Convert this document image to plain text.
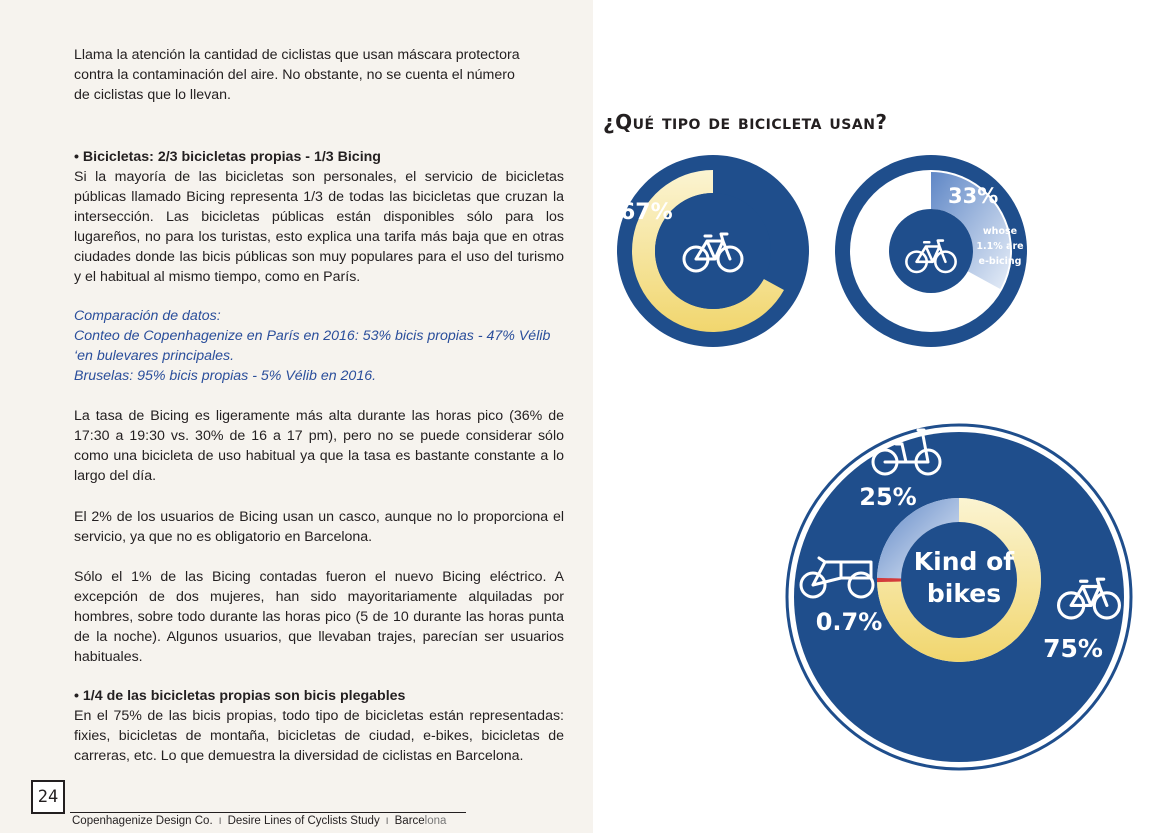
Llama la atención la cantidad de ciclistas que usan máscara protectora
contra la contaminación del aire. No obstante, no se cuenta el número
de ciclistas que lo llevan.

• Bicicletas: 2/3 bicicletas propias - 1/3 Bicing
Si la mayoría de las bicicletas son personales, el servicio de bicicletas públicas llamado Bicing representa 1/3 de todas las bicicletas que cruzan la intersección. Las bicicletas públicas están disponibles sólo para los lugareños, no para los turistas, esto explica una tarifa más baja que en otras ciudades donde las bicis públicas son muy populares para el uso del turismo y el habitual al mismo tiempo, como en París.

Comparación de datos:
Conteo de Copenhagenize en París en 2016: 53% bicis propias - 47% Vélib ‘en bulevares principales.
Bruselas: 95% bicis propias - 5% Vélib en 2016.

La tasa de Bicing es ligeramente más alta durante las horas pico (36% de 17:30 a 19:30 vs. 30% de 16 a 17 pm), pero no se puede considerar sólo como una bicicleta de uso habitual ya que la tasa es bastante constante a lo largo del día.

El 2% de los usuarios de Bicing usan un casco, aunque no lo proporciona el servicio, ya que no es obligatorio en Barcelona.

Sólo el 1% de las Bicing contadas fueron el nuevo Bicing eléctrico. A excepción de dos mujeres, han sido mayoritariamente alquiladas por hombres, sobre todo durante las horas pico (5 de 10 durante las horas punta de la noche). Algunos usuarios, que llevaban trajes, parecían ser usuarios habituales.

• 1/4 de las bicicletas propias son bicis plegables
En el 75% de las bicis propias, todo tipo de bicicletas están representadas: fixies, bicicletas de montaña, bicicletas de ciudad, e-bikes, bicicletas de carreras, etc. Lo que demuestra la diversidad de ciclistas en Barcelona.

24
Copenhagenize Design Co. I Desire Lines of Cyclists Study I Barcelona
¿Qué tipo de bicicleta usan?
67%
33%
whose
1.1% are
e-bicing
Kind of
bikes
25%
0.7%
75%
